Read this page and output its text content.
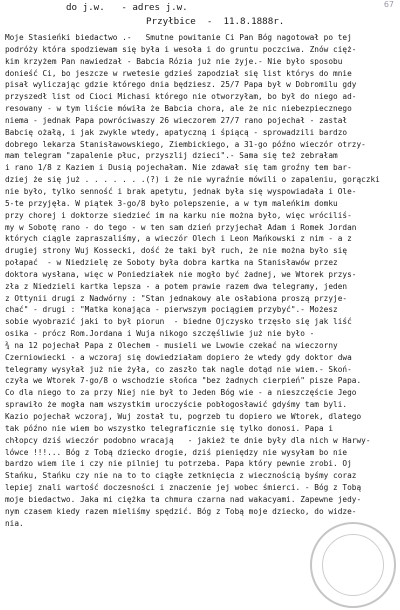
67
do j.w.   - adres j.w.
Przyłbice  -  11.8.1888r.
Moje Stasieńki biedactwo .-   Smutne powitanie Ci Pan Bóg nagotował po tej
podróży która spodziewam się była i wesoła i do gruntu poczciwa. Znów cięż-
kim krzyżem Pan nawiedzał - Babcia Rózia już nie żyje.- Nie było sposobu
donieść Ci, bo jeszcze w rwetesie gdzieś zapodział się list którys do mnie
pisał wyliczając gdzie którego dnia będziesz. 25/7 Papa był w Dobromilu gdy
przyszedł list od Cioci Michasi którego nie otworzyłam, bo był do niego ad-
resowany - w tym liście mówiła że Babcia chora, ale że nic niebezpiecznego
niema - jednak Papa powróciwaszy 26 wieczorem 27/7 rano pojechał - zastał
Babcię ożałą, i jak zwykle wtedy, apatyczną i śpiącą - sprowadzili bardzo
dobrego lekarza Stanisławowskiego, Ziembickiego, a 31-go późno wieczór otrzy-
mam telegram "zapalenie płuc, przyszlij dzieci".- Sama się też zebrałam
i rano 1/8 z Kaziem i Dusią pojechałam. Nie zdawał się tam groźny tem bar-
dziej że się już . . . . . . .(?) i że nie wyraźnie mówili o zapaleniu, gorączki
nie było, tylko senność i brak apetytu, jednak była się wyspowiadała i Ole-
5-te przyjęła. W piątek 3-go/8 było polepszenie, a w tym maleńkim domku
przy chorej i doktorze siedzieć im na karku nie można było, więc wróciliś-
my w Sobotę rano - do tego - w ten sam dzień przyjechał Adam i Romek Jordan
których ciągle zapraszaliśmy, a wieczór Olech i Leon Mańkowski z nim - a z
drugiej strony Wuj Kossecki, dość że taki był ruch, że nie można było się
połapać  - w Niedzielę ze Soboty była dobra kartka na Stanisławów przez
doktora wysłana, więc w Poniedziałek nie mogło być żadnej, we Wtorek przys-
zła z Niedzieli kartka lepsza - a potem prawie razem dwa telegramy, jeden
z Ottynii drugi z Nadwórny : "Stan jednakowy ale osłabiona proszą przyje-
chać" - drugi : "Matka konająca - pierwszym pociągiem przybyć".- Możesz
sobie wyobrazić jaki to był piorun  - biedne Ojczysko trzęsło się jak liść
osika - prócz Rom.Jordana i Wuja nikogo szczęśliwie już nie było -
¾ na 12 pojechał Papa z Olechem - musieli we Lwowie czekać na wieczorny
Czerniowiecki - a wczoraj się dowiedziałam dopiero że wtedy gdy doktor dwa
telegramy wysyłał już nie żyła, co zaszło tak nagle dotąd nie wiem.- Skoń-
czyła we Wtorek 7-go/8 o wschodzie słońca "bez żadnych cierpień" pisze Papa.
Co dla niego to za przy Niej nie był to Jeden Bóg wie - a nieszczęście Jego
sprawiło że mogła nam wszystkim uroczyście pobłogosławić gdyśmy tam byli.
Kazio pojechał wczoraj, Wuj został tu, pogrzeb tu dopiero we Wtorek, dlatego
tak późno nie wiem bo wszystko telegraficznie się tylko donosi. Papa i
chłopcy dziś wieczór podobno wracają   - jakież te dnie były dla nich w Harwy-
lówce !!!... Bóg z Tobą dziecko drogie, dziś pieniędzy nie wysyłam bo nie
bardzo wiem ile i czy nie pilniej tu potrzeba. Papa który pewnie zrobi. Oj
Stańku, Stańku czy nie na to to ciągłe zetknięcia z wiecznością byśmy coraz
lepiej znali wartość doczesności i znaczenie jej wobec śmierci. - Bóg z Tobą
moje biedactwo. Jaka mi ciężka ta chmura czarna nad wakacyami. Zapewne jedy-
nym czasem kiedy razem mieliśmy spędzić. Bóg z Tobą moje dziecko, do widze-
nia.
